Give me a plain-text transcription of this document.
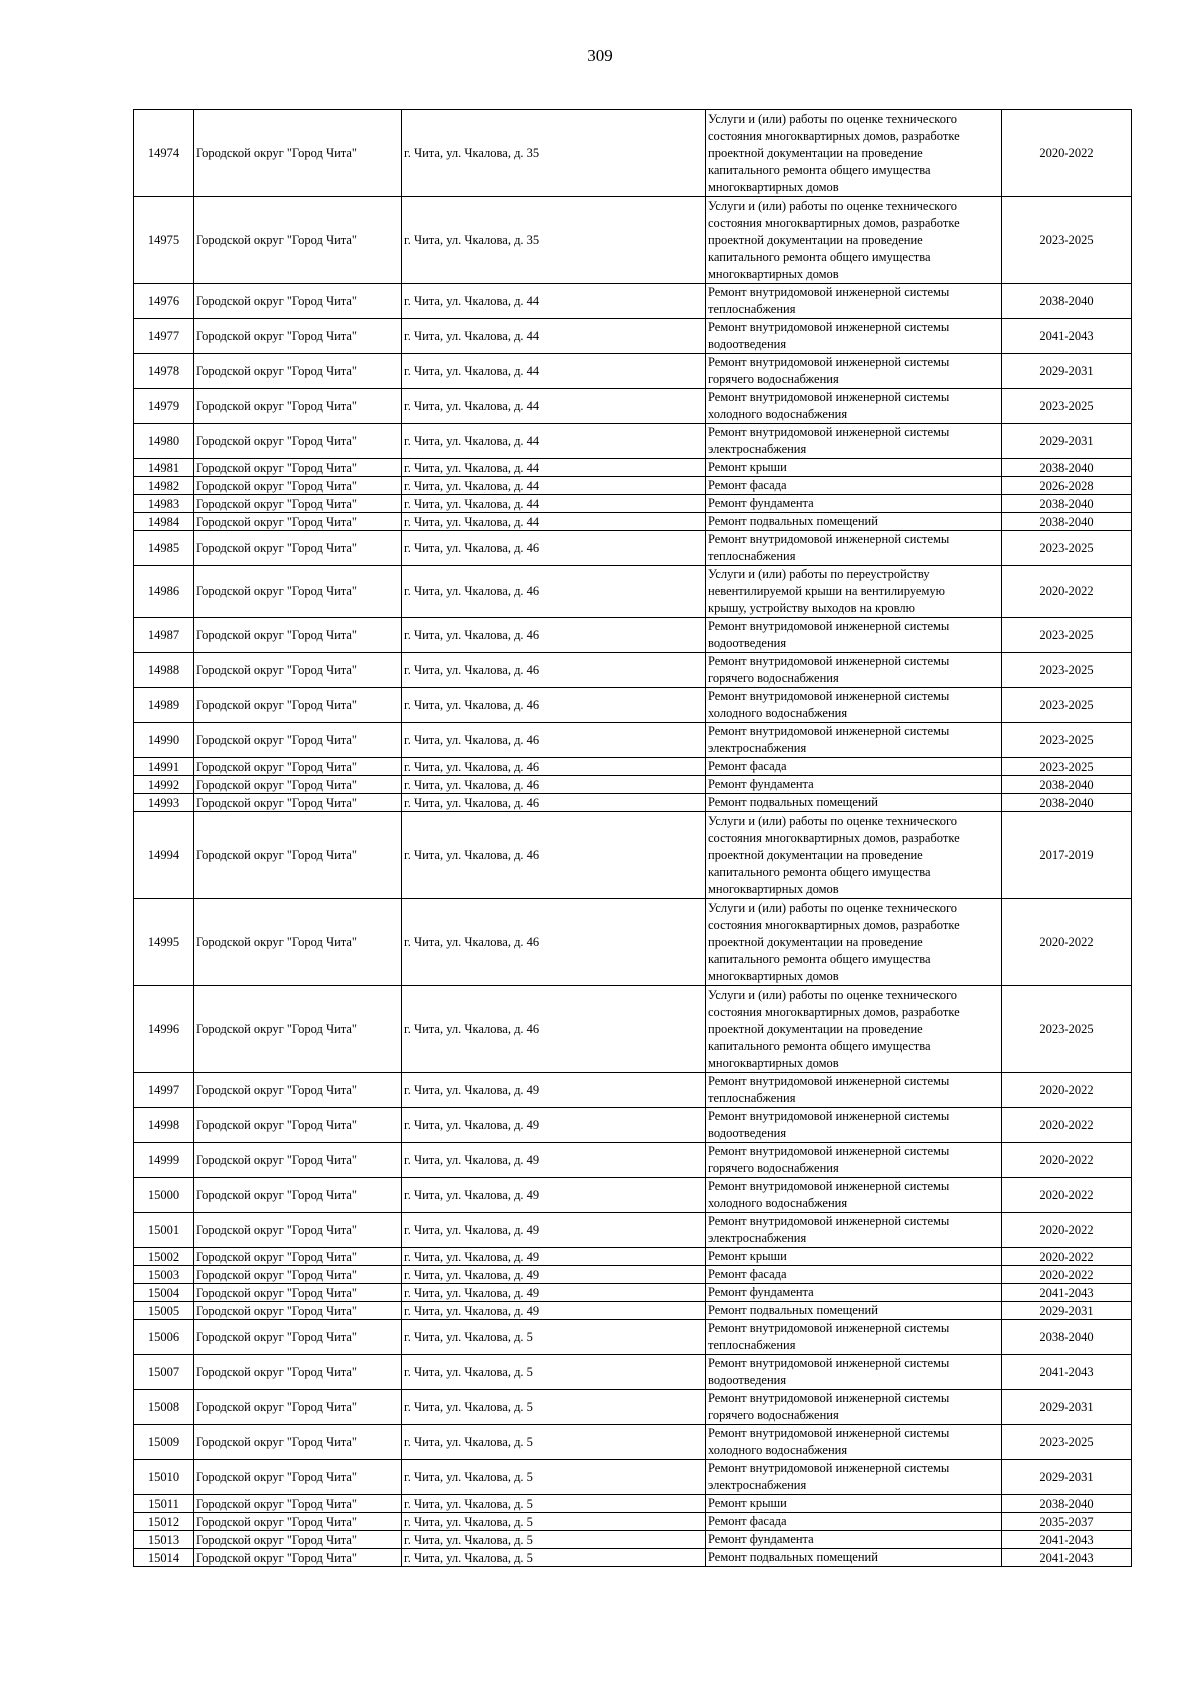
309
14974	Городской округ "Город Чита"	г. Чита, ул. Чкалова, д. 35	Услуги и (или) работы по оценке технического
состояния многоквартирных домов, разработке
проектной документации на проведение
капитального ремонта общего имущества
многоквартирных домов	2020-2022
14975	Городской округ "Город Чита"	г. Чита, ул. Чкалова, д. 35	Услуги и (или) работы по оценке технического
состояния многоквартирных домов, разработке
проектной документации на проведение
капитального ремонта общего имущества
многоквартирных домов	2023-2025
14976	Городской округ "Город Чита"	г. Чита, ул. Чкалова, д. 44	Ремонт внутридомовой инженерной системы
теплоснабжения	2038-2040
14977	Городской округ "Город Чита"	г. Чита, ул. Чкалова, д. 44	Ремонт внутридомовой инженерной системы
водоотведения	2041-2043
14978	Городской округ "Город Чита"	г. Чита, ул. Чкалова, д. 44	Ремонт внутридомовой инженерной системы
горячего водоснабжения	2029-2031
14979	Городской округ "Город Чита"	г. Чита, ул. Чкалова, д. 44	Ремонт внутридомовой инженерной системы
холодного водоснабжения	2023-2025
14980	Городской округ "Город Чита"	г. Чита, ул. Чкалова, д. 44	Ремонт внутридомовой инженерной системы
электроснабжения	2029-2031
14981	Городской округ "Город Чита"	г. Чита, ул. Чкалова, д. 44	Ремонт крыши	2038-2040
14982	Городской округ "Город Чита"	г. Чита, ул. Чкалова, д. 44	Ремонт фасада	2026-2028
14983	Городской округ "Город Чита"	г. Чита, ул. Чкалова, д. 44	Ремонт фундамента	2038-2040
14984	Городской округ "Город Чита"	г. Чита, ул. Чкалова, д. 44	Ремонт подвальных помещений	2038-2040
14985	Городской округ "Город Чита"	г. Чита, ул. Чкалова, д. 46	Ремонт внутридомовой инженерной системы
теплоснабжения	2023-2025
14986	Городской округ "Город Чита"	г. Чита, ул. Чкалова, д. 46	Услуги и (или) работы по переустройству
невентилируемой крыши на вентилируемую
крышу, устройству выходов на кровлю	2020-2022
14987	Городской округ "Город Чита"	г. Чита, ул. Чкалова, д. 46	Ремонт внутридомовой инженерной системы
водоотведения	2023-2025
14988	Городской округ "Город Чита"	г. Чита, ул. Чкалова, д. 46	Ремонт внутридомовой инженерной системы
горячего водоснабжения	2023-2025
14989	Городской округ "Город Чита"	г. Чита, ул. Чкалова, д. 46	Ремонт внутридомовой инженерной системы
холодного водоснабжения	2023-2025
14990	Городской округ "Город Чита"	г. Чита, ул. Чкалова, д. 46	Ремонт внутридомовой инженерной системы
электроснабжения	2023-2025
14991	Городской округ "Город Чита"	г. Чита, ул. Чкалова, д. 46	Ремонт фасада	2023-2025
14992	Городской округ "Город Чита"	г. Чита, ул. Чкалова, д. 46	Ремонт фундамента	2038-2040
14993	Городской округ "Город Чита"	г. Чита, ул. Чкалова, д. 46	Ремонт подвальных помещений	2038-2040
14994	Городской округ "Город Чита"	г. Чита, ул. Чкалова, д. 46	Услуги и (или) работы по оценке технического
состояния многоквартирных домов, разработке
проектной документации на проведение
капитального ремонта общего имущества
многоквартирных домов	2017-2019
14995	Городской округ "Город Чита"	г. Чита, ул. Чкалова, д. 46	Услуги и (или) работы по оценке технического
состояния многоквартирных домов, разработке
проектной документации на проведение
капитального ремонта общего имущества
многоквартирных домов	2020-2022
14996	Городской округ "Город Чита"	г. Чита, ул. Чкалова, д. 46	Услуги и (или) работы по оценке технического
состояния многоквартирных домов, разработке
проектной документации на проведение
капитального ремонта общего имущества
многоквартирных домов	2023-2025
14997	Городской округ "Город Чита"	г. Чита, ул. Чкалова, д. 49	Ремонт внутридомовой инженерной системы
теплоснабжения	2020-2022
14998	Городской округ "Город Чита"	г. Чита, ул. Чкалова, д. 49	Ремонт внутридомовой инженерной системы
водоотведения	2020-2022
14999	Городской округ "Город Чита"	г. Чита, ул. Чкалова, д. 49	Ремонт внутридомовой инженерной системы
горячего водоснабжения	2020-2022
15000	Городской округ "Город Чита"	г. Чита, ул. Чкалова, д. 49	Ремонт внутридомовой инженерной системы
холодного водоснабжения	2020-2022
15001	Городской округ "Город Чита"	г. Чита, ул. Чкалова, д. 49	Ремонт внутридомовой инженерной системы
электроснабжения	2020-2022
15002	Городской округ "Город Чита"	г. Чита, ул. Чкалова, д. 49	Ремонт крыши	2020-2022
15003	Городской округ "Город Чита"	г. Чита, ул. Чкалова, д. 49	Ремонт фасада	2020-2022
15004	Городской округ "Город Чита"	г. Чита, ул. Чкалова, д. 49	Ремонт фундамента	2041-2043
15005	Городской округ "Город Чита"	г. Чита, ул. Чкалова, д. 49	Ремонт подвальных помещений	2029-2031
15006	Городской округ "Город Чита"	г. Чита, ул. Чкалова, д. 5	Ремонт внутридомовой инженерной системы
теплоснабжения	2038-2040
15007	Городской округ "Город Чита"	г. Чита, ул. Чкалова, д. 5	Ремонт внутридомовой инженерной системы
водоотведения	2041-2043
15008	Городской округ "Город Чита"	г. Чита, ул. Чкалова, д. 5	Ремонт внутридомовой инженерной системы
горячего водоснабжения	2029-2031
15009	Городской округ "Город Чита"	г. Чита, ул. Чкалова, д. 5	Ремонт внутридомовой инженерной системы
холодного водоснабжения	2023-2025
15010	Городской округ "Город Чита"	г. Чита, ул. Чкалова, д. 5	Ремонт внутридомовой инженерной системы
электроснабжения	2029-2031
15011	Городской округ "Город Чита"	г. Чита, ул. Чкалова, д. 5	Ремонт крыши	2038-2040
15012	Городской округ "Город Чита"	г. Чита, ул. Чкалова, д. 5	Ремонт фасада	2035-2037
15013	Городской округ "Город Чита"	г. Чита, ул. Чкалова, д. 5	Ремонт фундамента	2041-2043
15014	Городской округ "Город Чита"	г. Чита, ул. Чкалова, д. 5	Ремонт подвальных помещений	2041-2043
